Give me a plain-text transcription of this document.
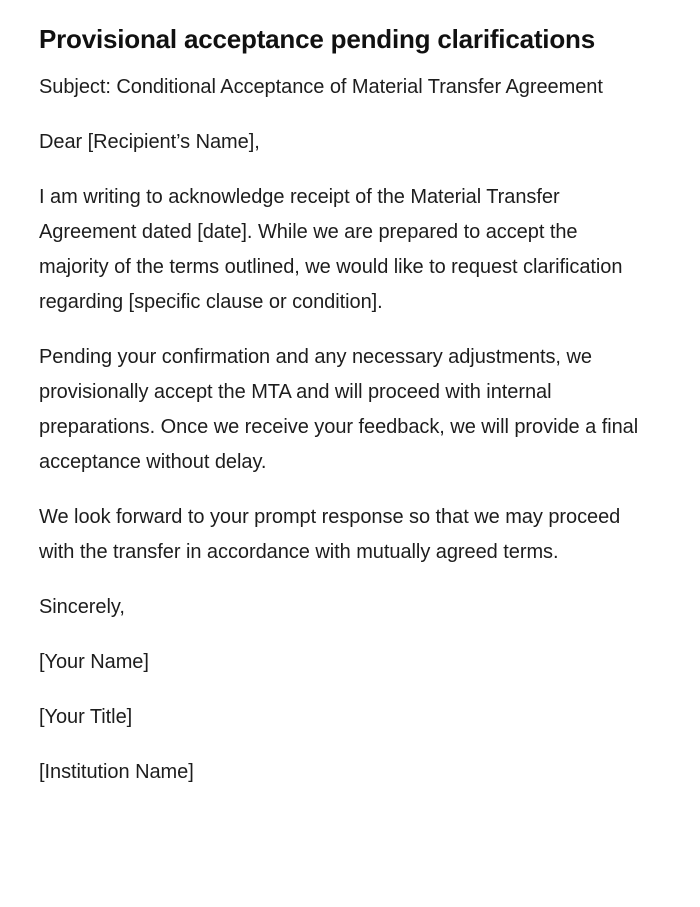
Provisional acceptance pending clarifications

Subject: Conditional Acceptance of Material Transfer Agreement

Dear [Recipient’s Name],

I am writing to acknowledge receipt of the Material Transfer Agreement dated [date]. While we are prepared to accept the majority of the terms outlined, we would like to request clarification regarding [specific clause or condition].

Pending your confirmation and any necessary adjustments, we provisionally accept the MTA and will proceed with internal preparations. Once we receive your feedback, we will provide a final acceptance without delay.

We look forward to your prompt response so that we may proceed with the transfer in accordance with mutually agreed terms.

Sincerely,

[Your Name]

[Your Title]

[Institution Name]
